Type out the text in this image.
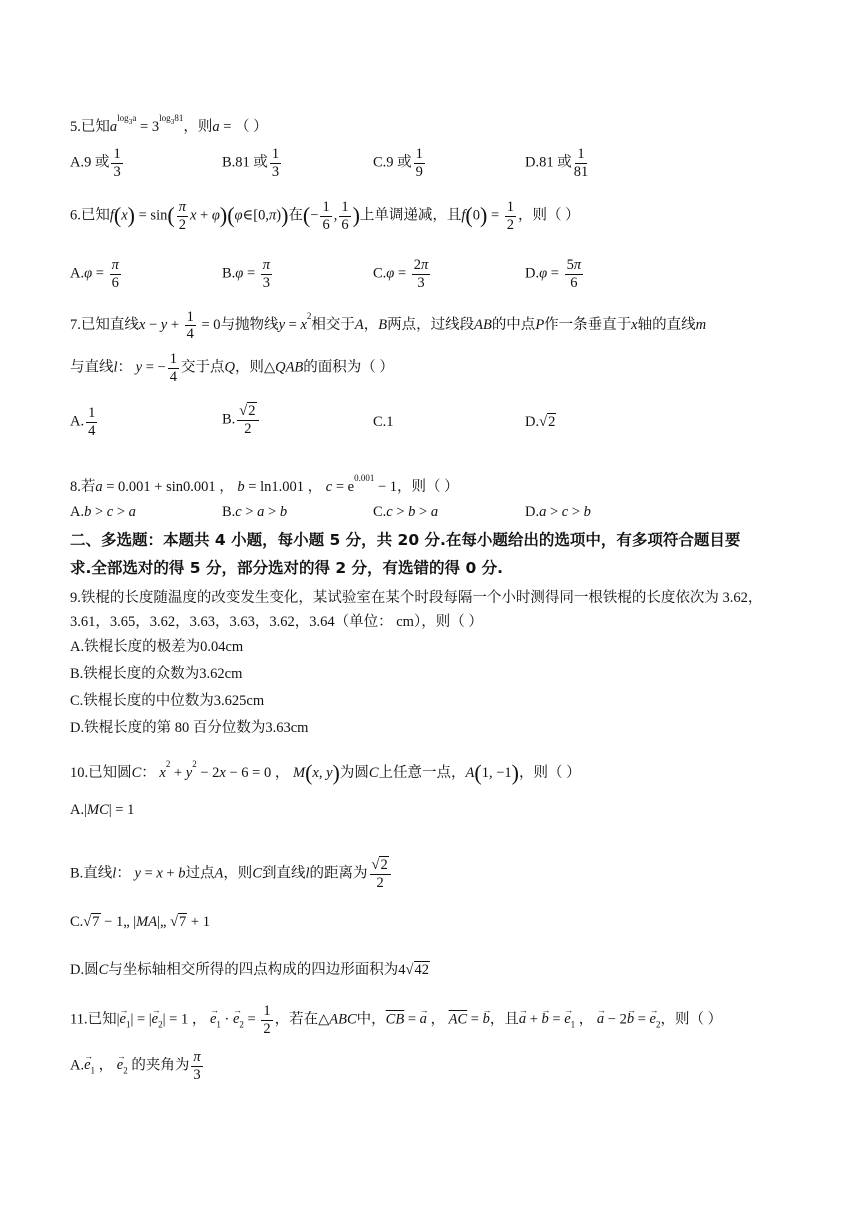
5.已知$a^{log_3a} = 3^{log_381}$，则a = （ ）
A.9 或 $\frac{1}{3}$	B.81 或 $\frac{1}{3}$	C.9 或 $\frac{1}{9}$	D.81 或 $\frac{1}{81}$
6.已知$f(x) = \sin( \frac{\pi}{2}$ x + φ)(φ∈[0,π))在(− $\frac{1}{6}$ , $\frac{1}{6}$ )上单调递减，且$f(0) = \frac{1}{2}$ ，则（ ）
$A.\varphi = \frac{\pi}{6}$	$B.\varphi = \frac{\pi}{3}$	$C.\varphi = \frac{2\pi}{3}$	$D.\varphi = \frac{5\pi}{6}$
7.已知直线$x - y + \frac{1}{4} = 0$与抛物线$y = x^2$相交于A，B两点，过线段AB的中点P作一条垂直于x轴的直线m
与直线l： y = − $\frac{1}{4}$ 交于点Q，则△QAB的面积为（ ）
A. $\frac{1}{4}$	B. $\frac{√2}{2}$	C.1	D.√2
8.若a = 0.001 + sin0.001 ， b = ln1.001 ， $c = e^{0.001} - 1$，则（ ）
A.b > c > a	B.c > a > b	C.c > b > a	D.a > c > b
二、多选题：本题共 4 小题，每小题 5 分，共 20 分.在每小题给出的选项中，有多项符合题目要
求.全部选对的得 5 分，部分选对的得 2 分，有选错的得 0 分.
9.铁棍的长度随温度的改变发生变化，某试验室在某个时段每隔一个小时测得同一根铁棍的长度依次为 3.62，
3.61，3.65，3.62，3.63，3.63，3.62，3.64（单位： cm），则（ ）
A.铁棍长度的极差为0.04cm
B.铁棍长度的众数为3.62cm
C.铁棍长度的中位数为3.625cm
D.铁棍长度的第 80 百分位数为3.63cm
10.已知圆C： $x^2 + y^2 - 2x - 6 = 0$ ， M(x, y)为圆C上任意一点，A(1, −1)，则（ ）
A.|MC| = 1
B.直线l： y = x + b过点A，则C到直线l的距离为 $\frac{√2}{2}$
C.√7 − 1„ |MA|„ √7 + 1
D.圆C与坐标轴相交所得的四点构成的四边形面积为4√42
11.已知|→ $e_1|$ = |→ $e_2| = 1$ ， → $e_1$ · → $e_2 = \frac{1}{2}$ ，若在△ABC中，$\overline{CB}$ = → a ， $\overline{AC}$ = → b，且→ a + → b = → $e_1$ ， → a − 2→ b = → $e_2$，则（ ）
$A.\to e_1$ ， → $e_2$ 的夹角为 $\frac{\pi}{3}$
